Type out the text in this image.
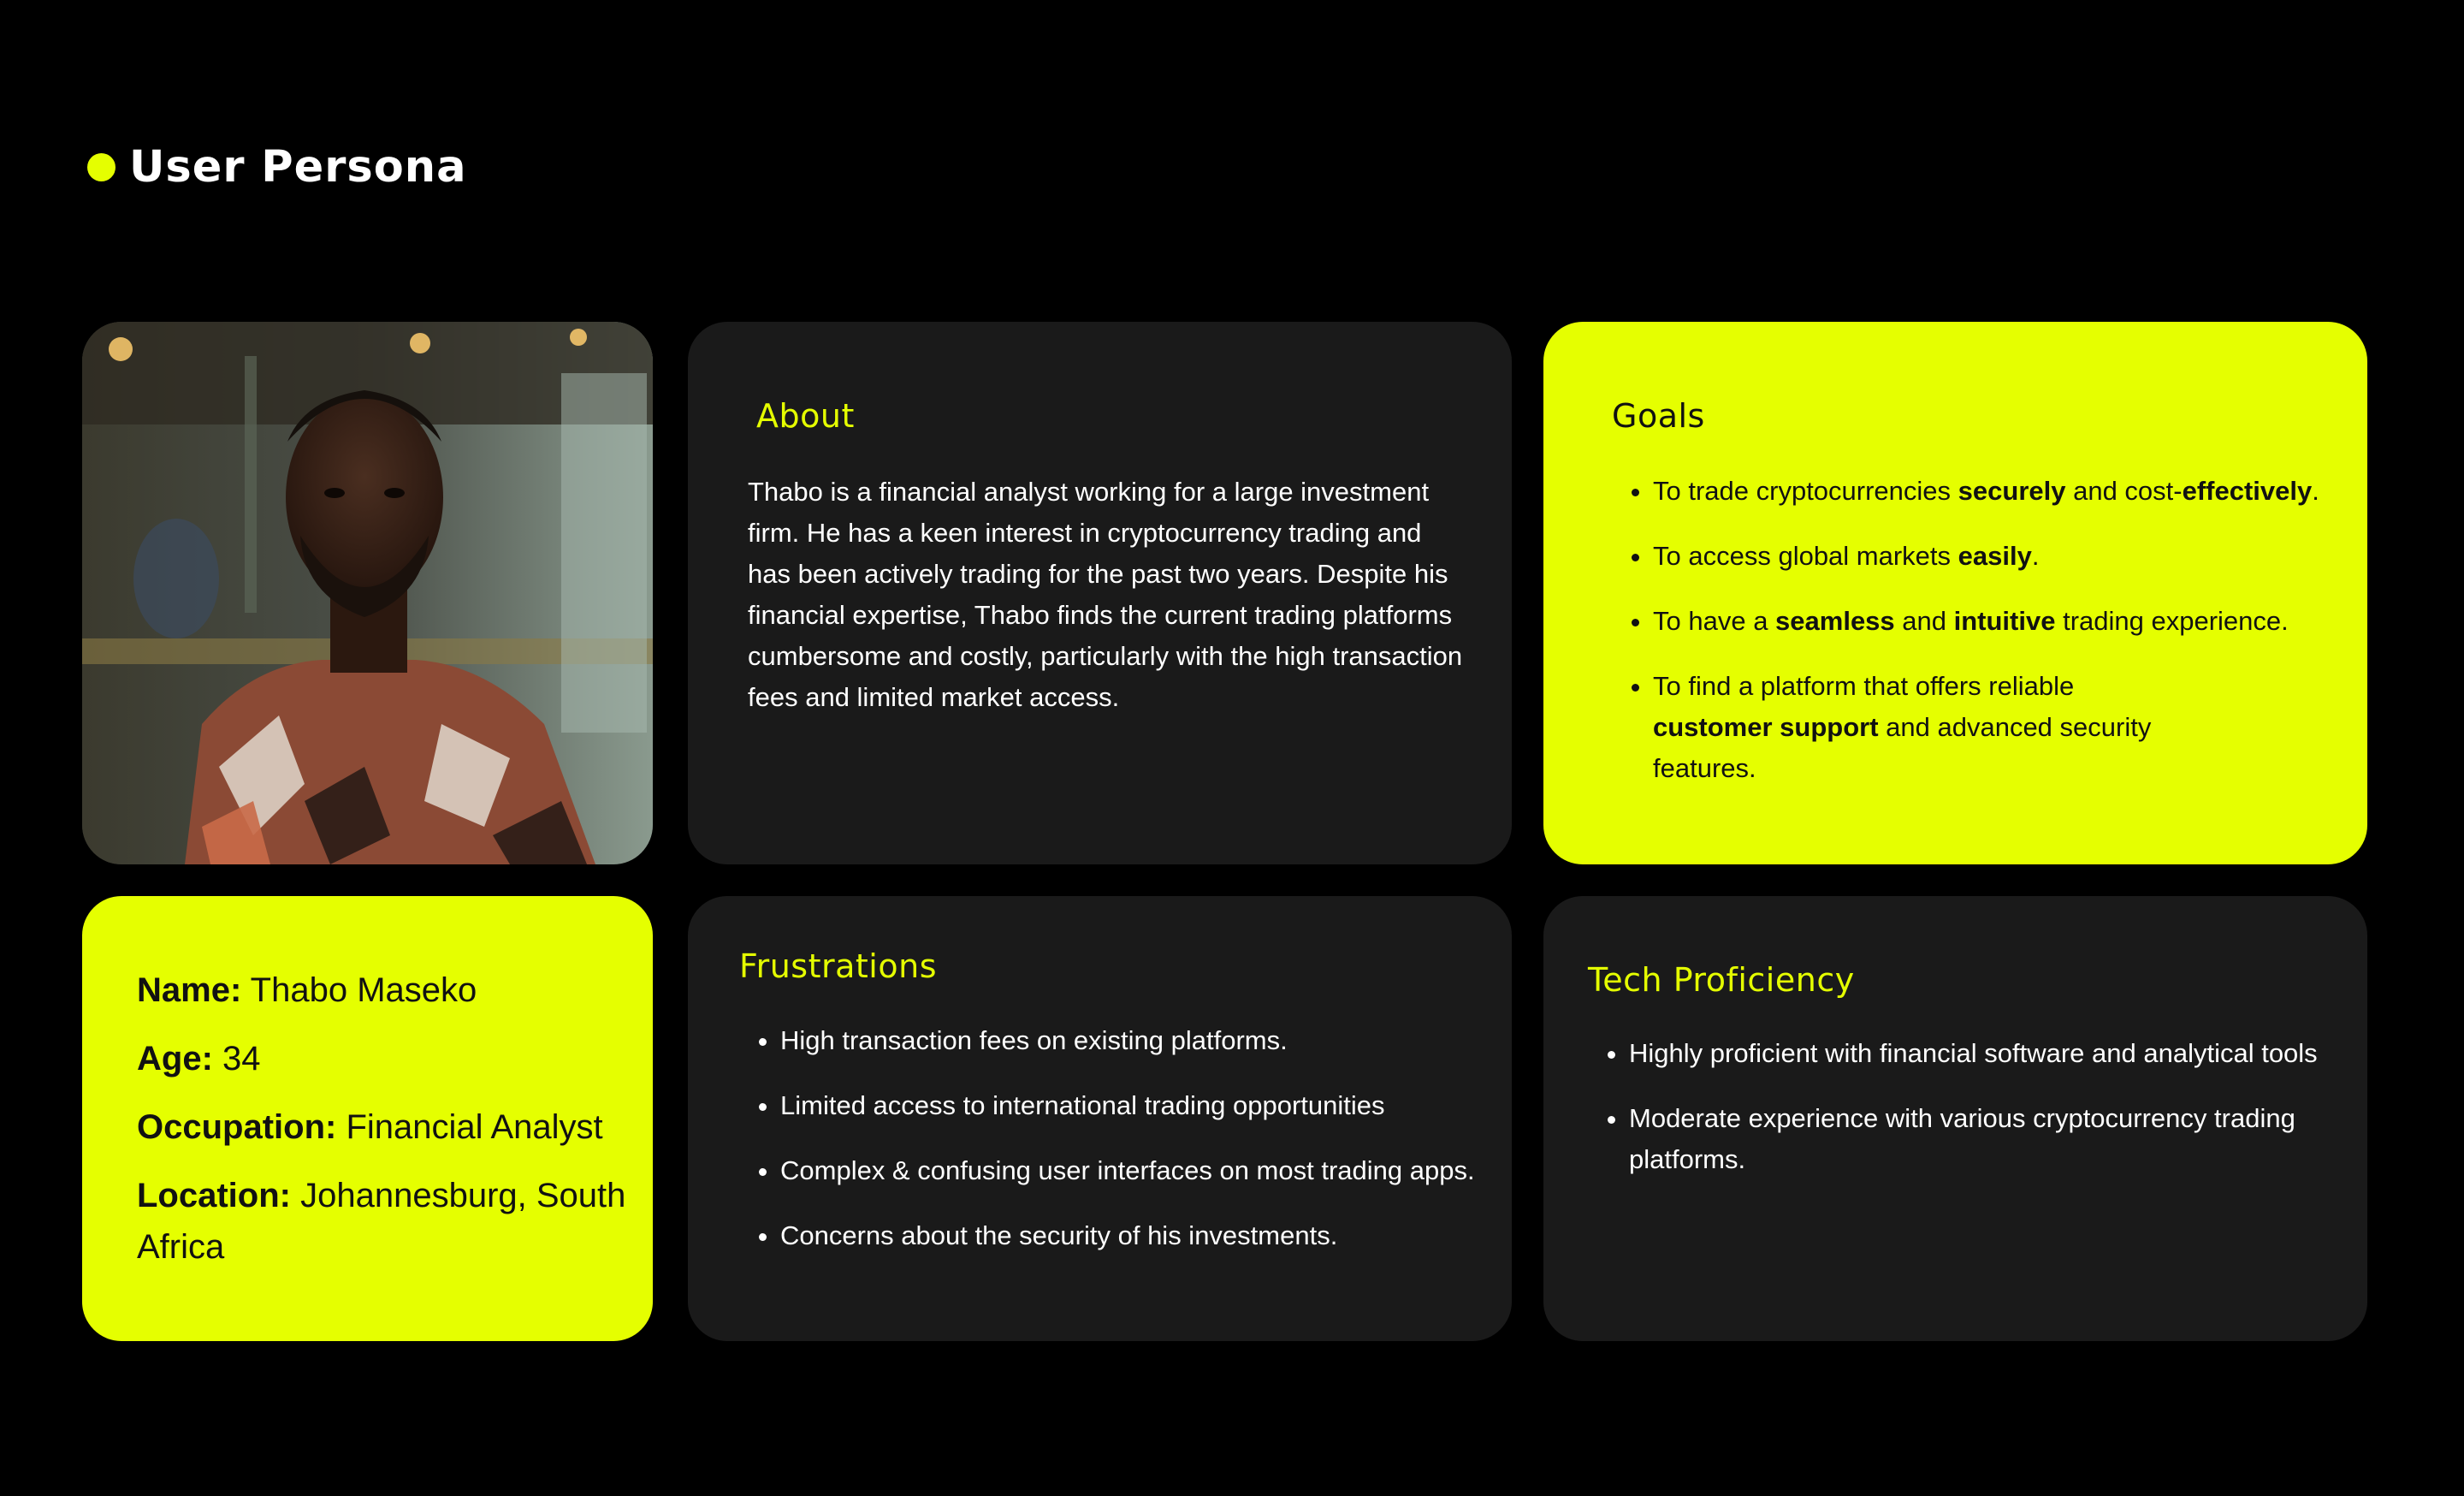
User Persona
About
Thabo is a financial analyst working for a large investment firm. He has a keen interest in cryptocurrency trading and has been actively trading for the past two years. Despite his financial expertise, Thabo finds the current trading platforms cumbersome and costly, particularly with the high transaction fees and limited market access.
Goals
• To trade cryptocurrencies securely and cost-effectively.
• To access global markets easily.
• To have a seamless and intuitive trading experience.
• To find a platform that offers reliable customer support and advanced security features.
Name: Thabo Maseko
Age: 34
Occupation: Financial Analyst
Location: Johannesburg, South Africa
Frustrations
• High transaction fees on existing platforms.
• Limited access to international trading opportunities
• Complex & confusing user interfaces on most trading apps.
• Concerns about the security of his investments.
Tech Proficiency
• Highly proficient with financial software and analytical tools
• Moderate experience with various cryptocurrency trading platforms.
